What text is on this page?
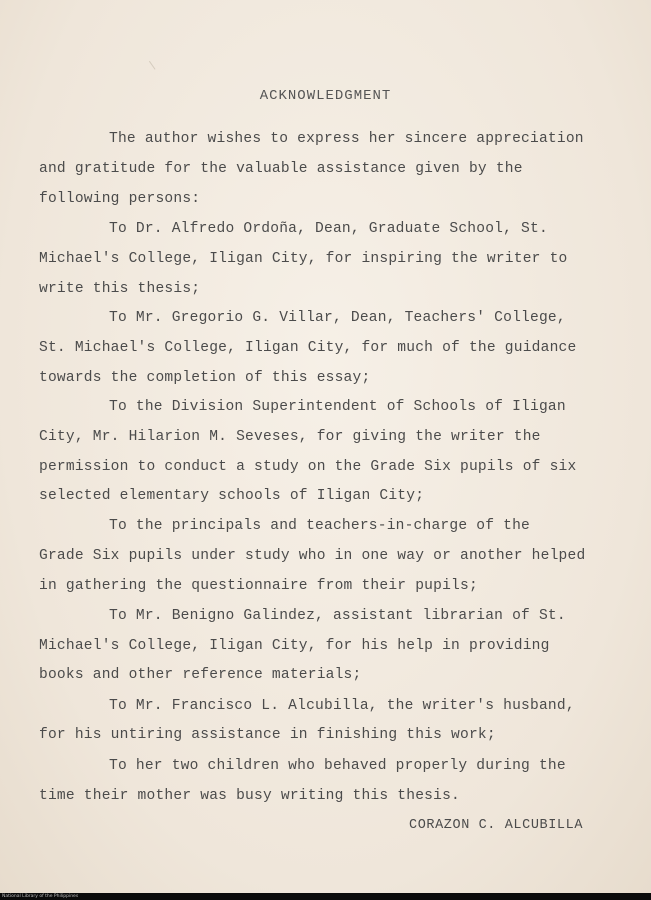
ACKNOWLEDGMENT
The author wishes to express her sincere appreciation
and gratitude for the valuable assistance given by the
following persons:
To Dr. Alfredo Ordoña, Dean, Graduate School, St.
Michael's College, Iligan City, for inspiring the writer to
write this thesis;
To Mr. Gregorio G. Villar, Dean, Teachers' College,
St. Michael's College, Iligan City, for much of the guidance
towards the completion of this essay;
To the Division Superintendent of Schools of Iligan
City, Mr. Hilarion M. Seveses, for giving the writer the
permission to conduct a study on the Grade Six pupils of six
selected elementary schools of Iligan City;
To the principals and teachers-in-charge of the
Grade Six pupils under study who in one way or another helped
in gathering the questionnaire from their pupils;
To Mr. Benigno Galindez, assistant librarian of St.
Michael's College, Iligan City, for his help in providing
books and other reference materials;
To Mr. Francisco L. Alcubilla, the writer's husband,
for his untiring assistance in finishing this work;
To her two children who behaved properly during the
time their mother was busy writing this thesis.
CORAZON C. ALCUBILLA
National Library of the Philippines
